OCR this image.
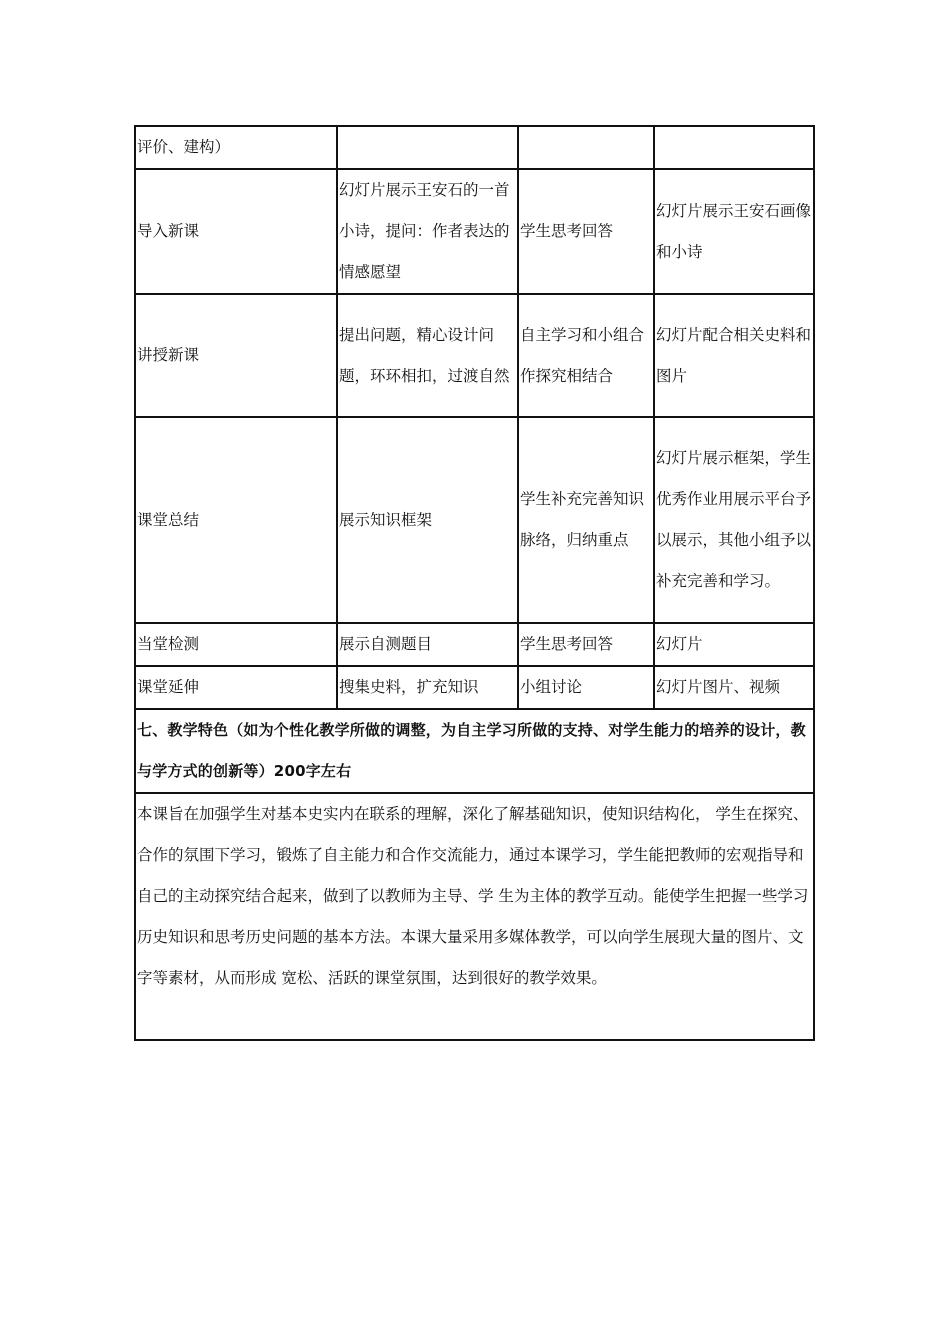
评价、建构）			
导入新课	幻灯片展示王安石的一首小诗，提问：作者表达的情感愿望	学生思考回答	幻灯片展示王安石画像和小诗
讲授新课	提出问题，精心设计问题，环环相扣，过渡自然	自主学习和小组合作探究相结合	幻灯片配合相关史料和图片
课堂总结	展示知识框架	学生补充完善知识脉络，归纳重点	幻灯片展示框架，学生优秀作业用展示平台予以展示，其他小组予以补充完善和学习。
当堂检测	展示自测题目	学生思考回答	幻灯片
课堂延伸	搜集史料，扩充知识	小组讨论	幻灯片图片、视频
七、教学特色（如为个性化教学所做的调整，为自主学习所做的支持、对学生能力的培养的设计，教与学方式的创新等）200字左右			

本课旨在加强学生对基本史实内在联系的理解，深化了解基础知识，使知识结构化， 学生在探究、合作的氛围下学习，锻炼了自主能力和合作交流能力，通过本课学习，学生能把教师的宏观指导和自己的主动探究结合起来，做到了以教师为主导、学 生为主体的教学互动。能使学生把握一些学习历史知识和思考历史问题的基本方法。本课大量采用多媒体教学，可以向学生展现大量的图片、文字等素材，从而形成 宽松、活跃的课堂氛围，达到很好的教学效果。			
